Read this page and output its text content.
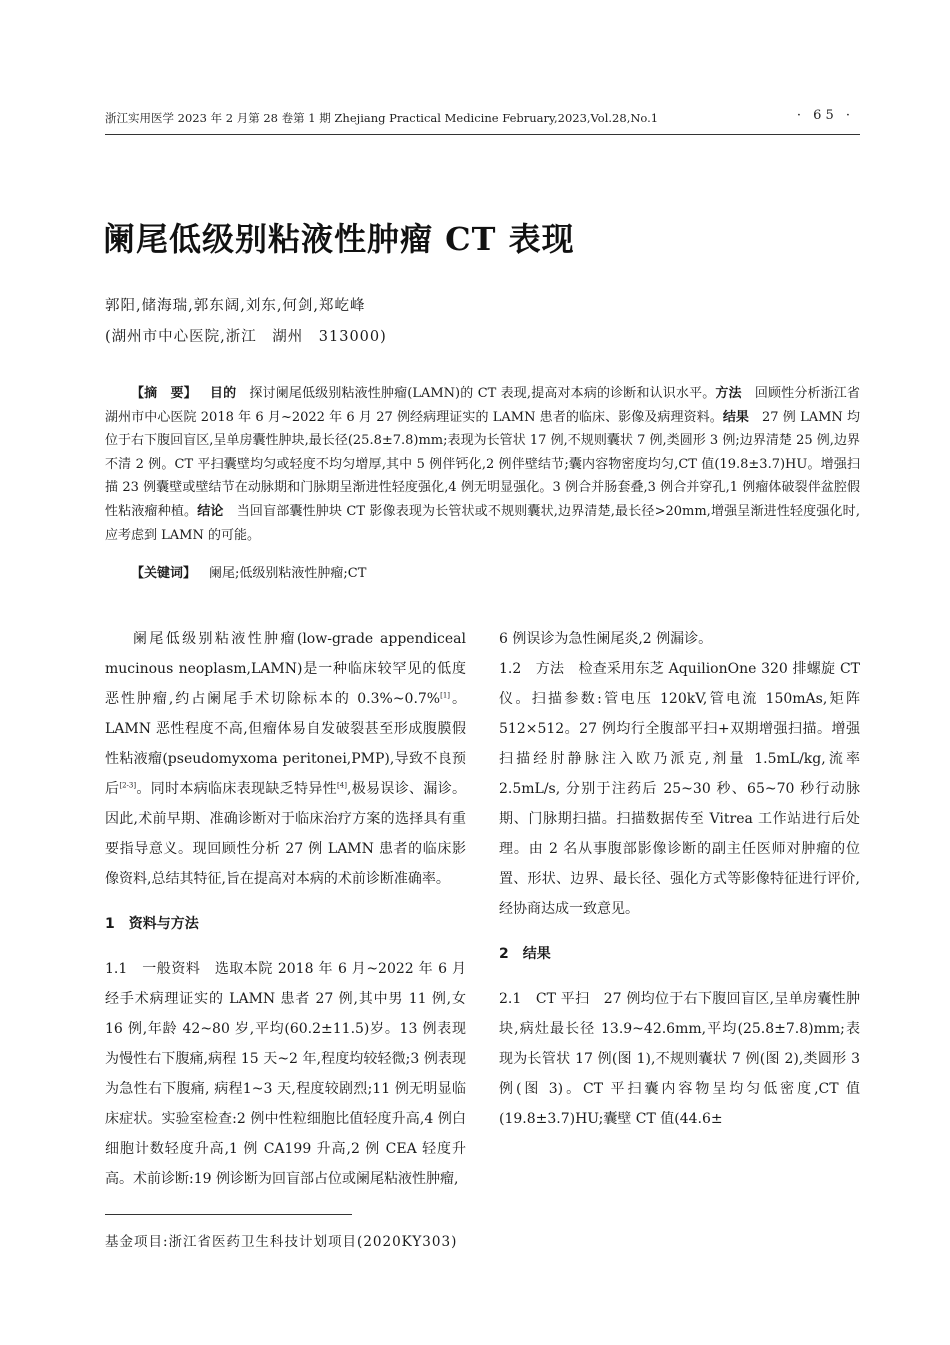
浙江实用医学 2023 年 2 月第 28 卷第 1 期 Zhejiang Practical Medicine February,2023,Vol.28,No.1	· 65 ·
阑尾低级别粘液性肿瘤 CT 表现
郭阳,储海瑞,郭东阔,刘东,何剑,郑屹峰
(湖州市中心医院,浙江　湖州　313000)

【摘　要】  目的  探讨阑尾低级别粘液性肿瘤(LAMN)的 CT 表现,提高对本病的诊断和认识水平。方法  回顾性分析浙江省湖州市中心医院 2018 年 6 月~2022 年 6 月 27 例经病理证实的 LAMN 患者的临床、影像及病理资料。结果  27 例 LAMN 均位于右下腹回盲区,呈单房囊性肿块,最长径(25.8±7.8)mm;表现为长管状 17 例,不规则囊状 7 例,类圆形 3 例;边界清楚 25 例,边界不清 2 例。CT 平扫囊壁均匀或轻度不均匀增厚,其中 5 例伴钙化,2 例伴壁结节;囊内容物密度均匀,CT 值(19.8±3.7)HU。增强扫描 23 例囊壁或壁结节在动脉期和门脉期呈渐进性轻度强化,4 例无明显强化。3 例合并肠套叠,3 例合并穿孔,1 例瘤体破裂伴盆腔假性粘液瘤种植。结论  当回盲部囊性肿块 CT 影像表现为长管状或不规则囊状,边界清楚,最长径>20mm,增强呈渐进性轻度强化时,应考虑到 LAMN 的可能。

【关键词】  阑尾;低级别粘液性肿瘤;CT

阑尾低级别粘液性肿瘤(low-grade appendiceal mucinous neoplasm,LAMN)是一种临床较罕见的低度恶性肿瘤,约占阑尾手术切除标本的 0.3%~0.7%[1]。LAMN 恶性程度不高,但瘤体易自发破裂甚至形成腹膜假性粘液瘤(pseudomyxoma peritonei,PMP),导致不良预后[2-3]。同时本病临床表现缺乏特异性[4],极易误诊、漏诊。因此,术前早期、准确诊断对于临床治疗方案的选择具有重要指导意义。现回顾性分析 27 例 LAMN 患者的临床影像资料,总结其特征,旨在提高对本病的术前诊断准确率。

1　资料与方法

1.1　一般资料　选取本院 2018 年 6 月~2022 年 6 月经手术病理证实的 LAMN 患者 27 例,其中男 11 例,女 16 例,年龄 42~80 岁,平均(60.2±11.5)岁。13 例表现为慢性右下腹痛,病程 15 天~2 年,程度均较轻微;3 例表现为急性右下腹痛, 病程1~3 天,程度较剧烈;11 例无明显临床症状。实验室检查:2 例中性粒细胞比值轻度升高,4 例白细胞计数轻度升高,1 例 CA199 升高,2 例 CEA 轻度升高。术前诊断:19 例诊断为回盲部占位或阑尾粘液性肿瘤,

6 例误诊为急性阑尾炎,2 例漏诊。

1.2　方法　检查采用东芝 AquilionOne 320 排螺旋 CT 仪。扫描参数:管电压 120kV,管电流 150mAs,矩阵 512×512。27 例均行全腹部平扫+双期增强扫描。增强扫描经肘静脉注入欧乃派克,剂量 1.5mL/kg,流率 2.5mL/s, 分别于注药后 25~30 秒、65~70 秒行动脉期、门脉期扫描。扫描数据传至 Vitrea 工作站进行后处理。由 2 名从事腹部影像诊断的副主任医师对肿瘤的位置、形状、边界、最长径、强化方式等影像特征进行评价,经协商达成一致意见。

2　结果

2.1　CT 平扫　27 例均位于右下腹回盲区,呈单房囊性肿块,病灶最长径 13.9~42.6mm,平均(25.8±7.8)mm;表现为长管状 17 例(图 1),不规则囊状 7 例(图 2),类圆形 3 例(图 3)。CT 平扫囊内容物呈均匀低密度,CT 值(19.8±3.7)HU;囊壁 CT 值(44.6±

基金项目:浙江省医药卫生科技计划项目(2020KY303)
